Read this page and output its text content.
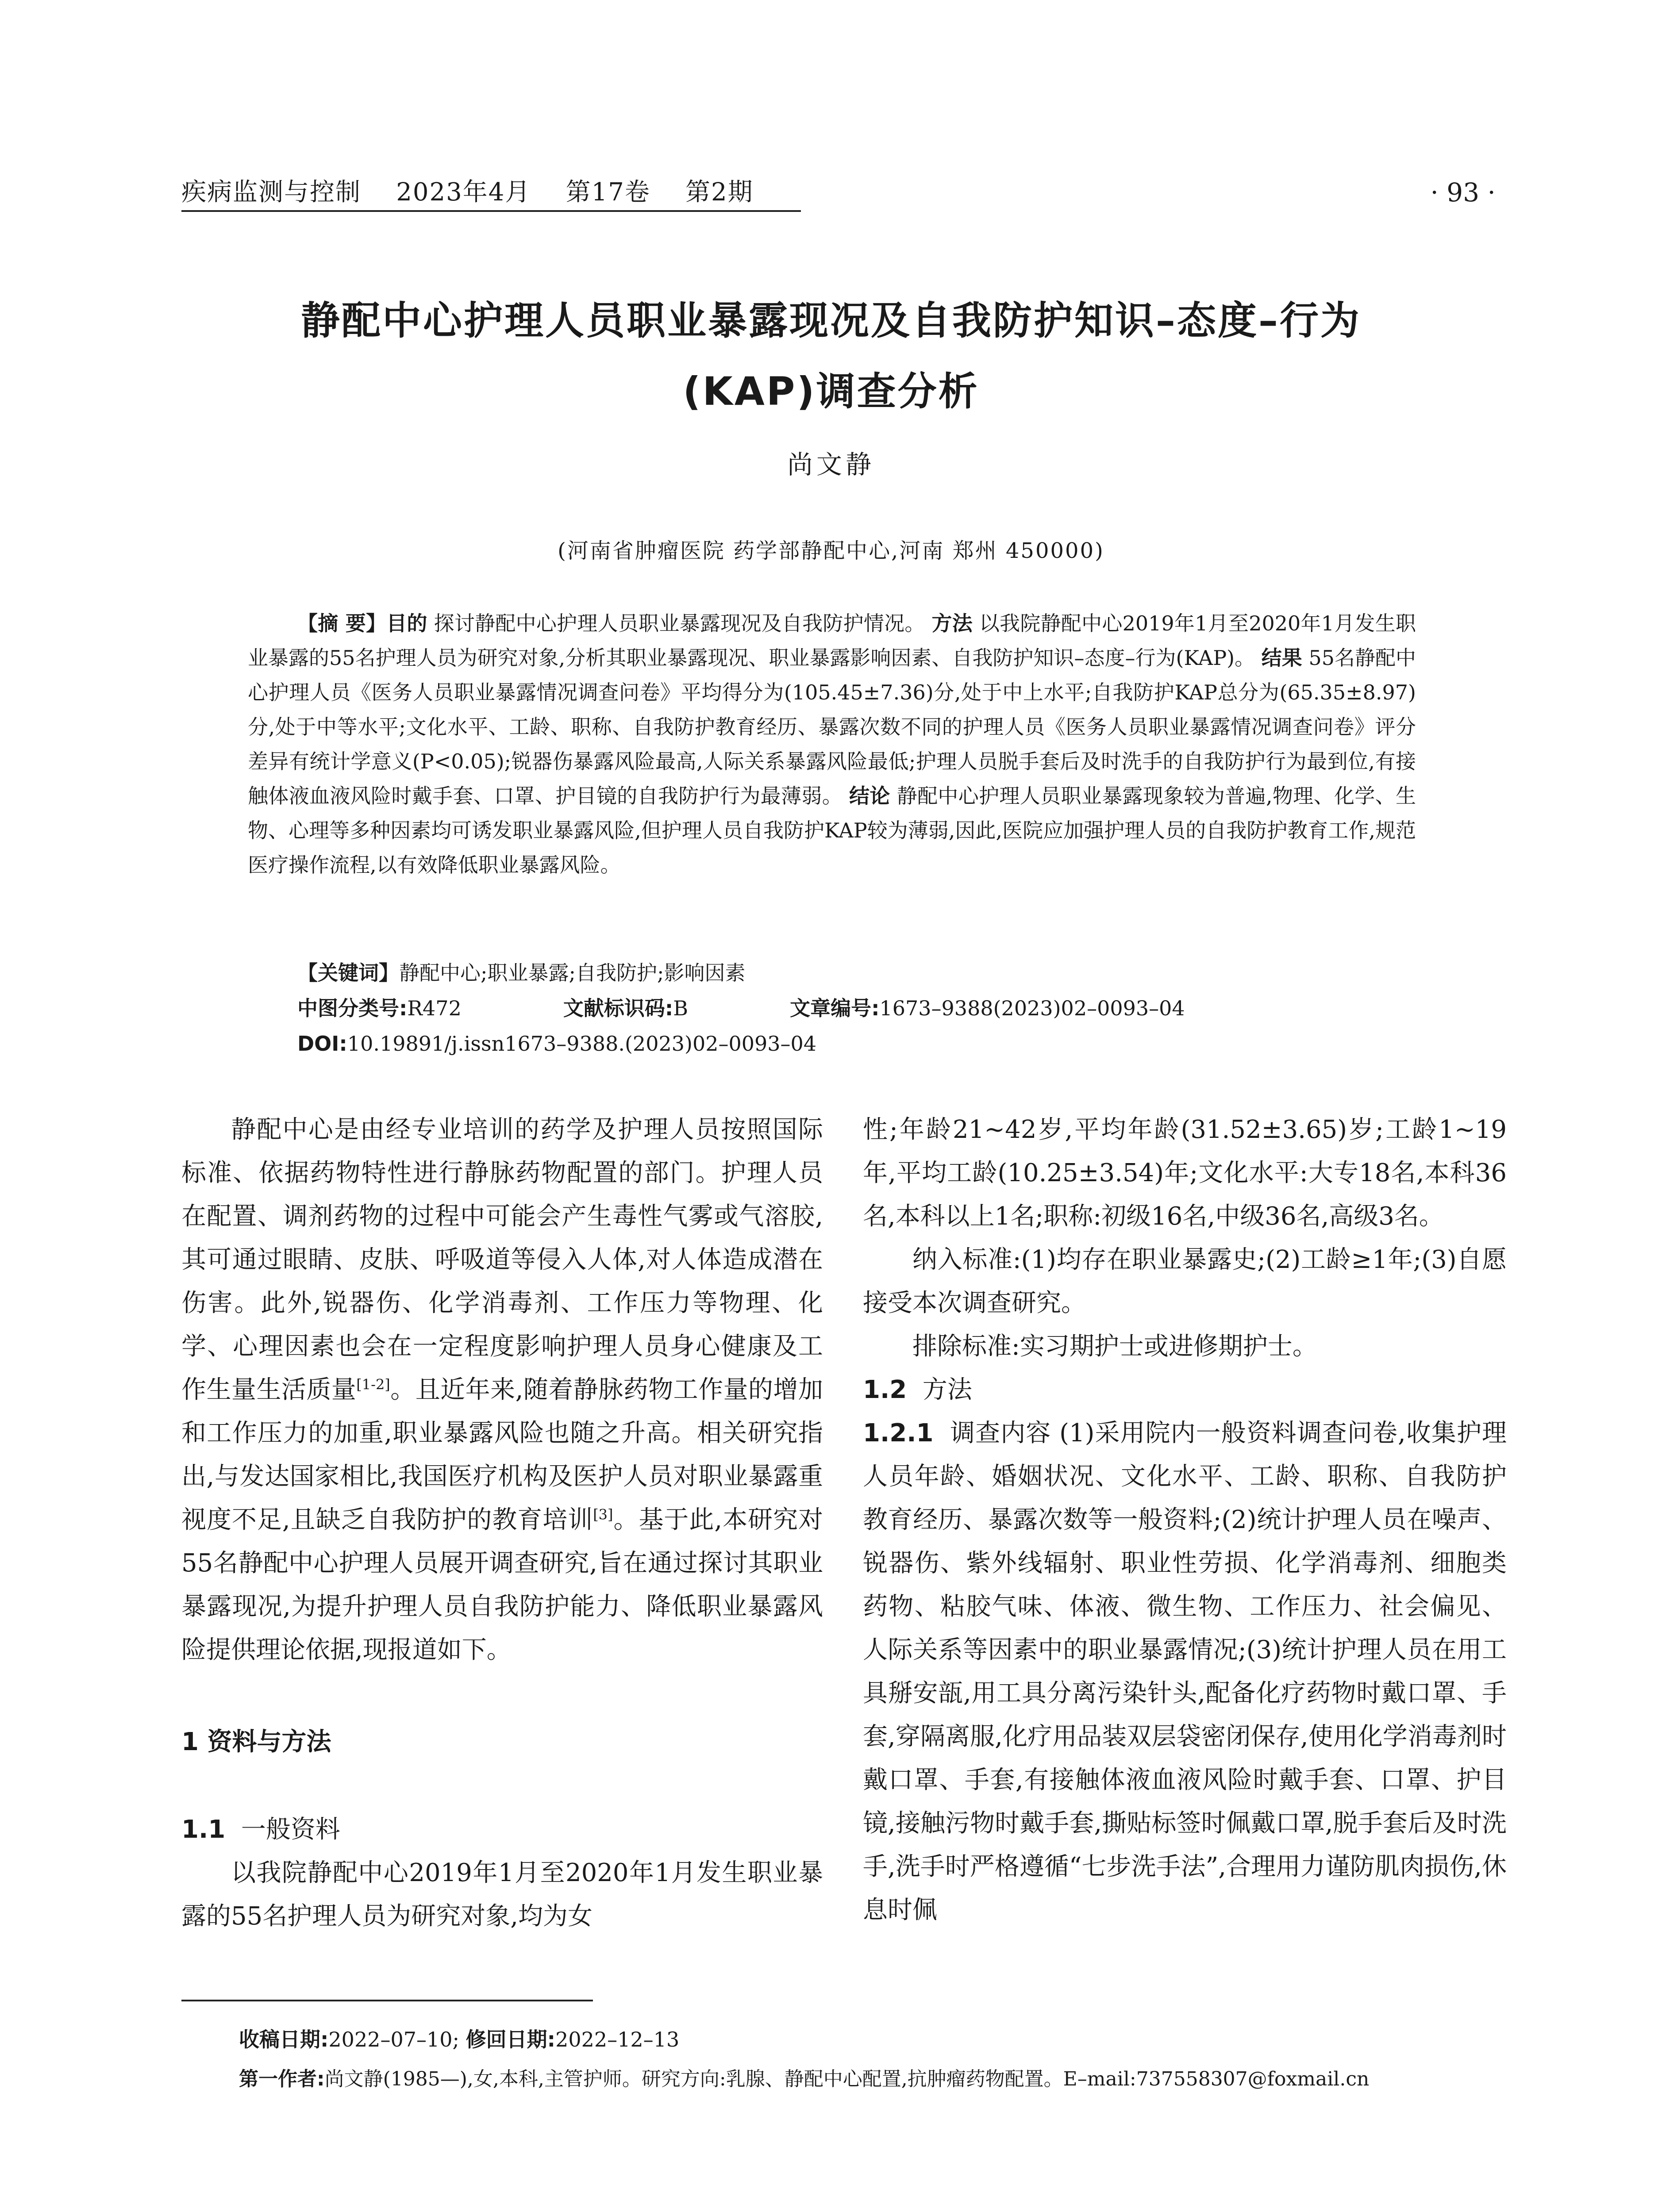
疾病监测与控制 2023年4月 第17卷 第2期	· 93 ·
静配中心护理人员职业暴露现况及自我防护知识–态度–行为
(KAP)调查分析
尚文静
(河南省肿瘤医院 药学部静配中心,河南 郑州 450000)
【摘 要】目的 探讨静配中心护理人员职业暴露现况及自我防护情况。 方法 以我院静配中心2019年1月至2020年1月发生职业暴露的55名护理人员为研究对象,分析其职业暴露现况、职业暴露影响因素、自我防护知识–态度–行为(KAP)。 结果 55名静配中心护理人员《医务人员职业暴露情况调查问卷》平均得分为(105.45±7.36)分,处于中上水平;自我防护KAP总分为(65.35±8.97)分,处于中等水平;文化水平、工龄、职称、自我防护教育经历、暴露次数不同的护理人员《医务人员职业暴露情况调查问卷》评分差异有统计学意义(P<0.05);锐器伤暴露风险最高,人际关系暴露风险最低;护理人员脱手套后及时洗手的自我防护行为最到位,有接触体液血液风险时戴手套、口罩、护目镜的自我防护行为最薄弱。 结论 静配中心护理人员职业暴露现象较为普遍,物理、化学、生物、心理等多种因素均可诱发职业暴露风险,但护理人员自我防护KAP较为薄弱,因此,医院应加强护理人员的自我防护教育工作,规范医疗操作流程,以有效降低职业暴露风险。
【关键词】静配中心;职业暴露;自我防护;影响因素
中图分类号:R472	文献标识码:B	文章编号:1673–9388(2023)02–0093–04
DOI:10.19891/j.issn1673–9388.(2023)02–0093–04

静配中心是由经专业培训的药学及护理人员按照国际标准、依据药物特性进行静脉药物配置的部门。护理人员在配置、调剂药物的过程中可能会产生毒性气雾或气溶胶,其可通过眼睛、皮肤、呼吸道等侵入人体,对人体造成潜在伤害。此外,锐器伤、化学消毒剂、工作压力等物理、化学、心理因素也会在一定程度影响护理人员身心健康及工作生量生活质量[1-2]。且近年来,随着静脉药物工作量的增加和工作压力的加重,职业暴露风险也随之升高。相关研究指出,与发达国家相比,我国医疗机构及医护人员对职业暴露重视度不足,且缺乏自我防护的教育培训[3]。基于此,本研究对55名静配中心护理人员展开调查研究,旨在通过探讨其职业暴露现况,为提升护理人员自我防护能力、降低职业暴露风险提供理论依据,现报道如下。

1 资料与方法
1.1 一般资料

以我院静配中心2019年1月至2020年1月发生职业暴露的55名护理人员为研究对象,均为女

性;年龄21~42岁,平均年龄(31.52±3.65)岁;工龄1~19年,平均工龄(10.25±3.54)年;文化水平:大专18名,本科36名,本科以上1名;职称:初级16名,中级36名,高级3名。

纳入标准:(1)均存在职业暴露史;(2)工龄≥1年;(3)自愿接受本次调查研究。

排除标准:实习期护士或进修期护士。

1.2 方法

1.2.1 调查内容 (1)采用院内一般资料调查问卷,收集护理人员年龄、婚姻状况、文化水平、工龄、职称、自我防护教育经历、暴露次数等一般资料;(2)统计护理人员在噪声、锐器伤、紫外线辐射、职业性劳损、化学消毒剂、细胞类药物、粘胶气味、体液、微生物、工作压力、社会偏见、人际关系等因素中的职业暴露情况;(3)统计护理人员在用工具掰安瓿,用工具分离污染针头,配备化疗药物时戴口罩、手套,穿隔离服,化疗用品装双层袋密闭保存,使用化学消毒剂时戴口罩、手套,有接触体液血液风险时戴手套、口罩、护目镜,接触污物时戴手套,撕贴标签时佩戴口罩,脱手套后及时洗手,洗手时严格遵循“七步洗手法”,合理用力谨防肌肉损伤,休息时佩

收稿日期:2022–07–10; 修回日期:2022–12–13
第一作者:尚文静(1985—),女,本科,主管护师。研究方向:乳腺、静配中心配置,抗肿瘤药物配置。E–mail:737558307@foxmail.cn
